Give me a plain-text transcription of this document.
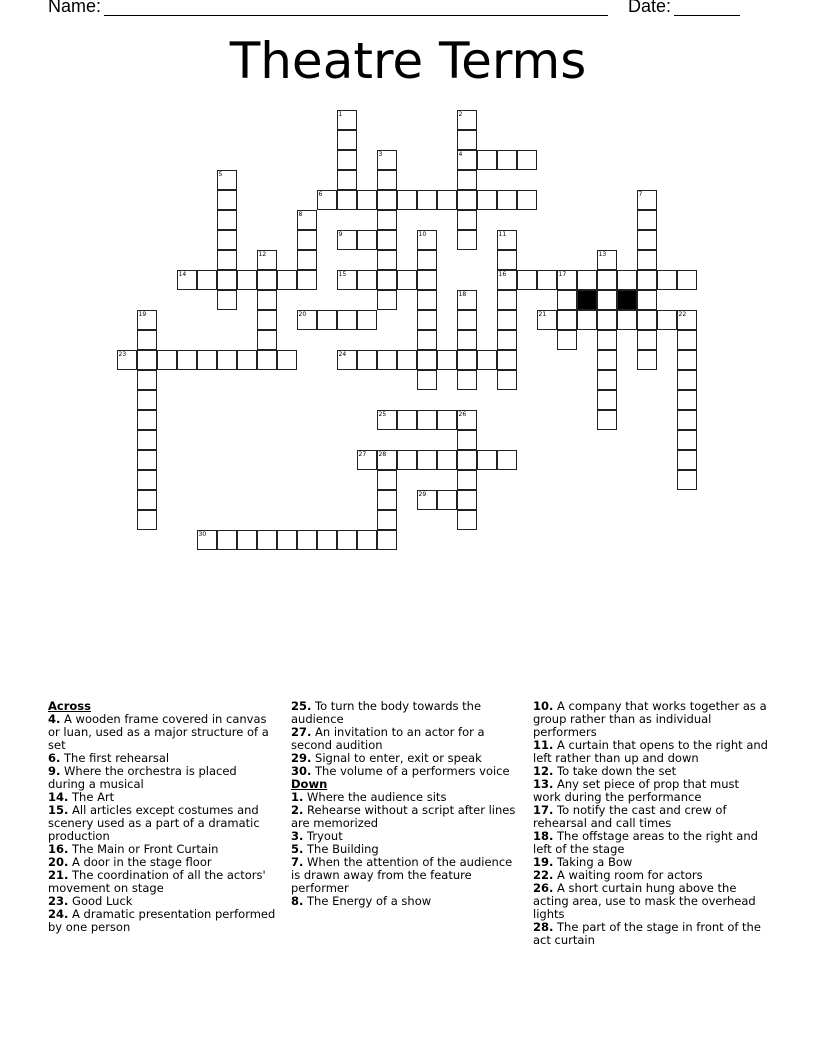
Name:	Date:
Theatre Terms
4
6
9
14	15	16	17
20	21	22
23	24
25	26
27 28
29
30
1	2
3
5
7
8
10	11
12	13
18
19
Across
4. A wooden frame covered in canvas or luan, used as a major structure of a set
6. The first rehearsal
9. Where the orchestra is placed during a musical
14. The Art
15. All articles except costumes and scenery used as a part of a dramatic production
16. The Main or Front Curtain
20. A door in the stage floor
21. The coordination of all the actors' movement on stage
23. Good Luck
24. A dramatic presentation performed by one person
25. To turn the body towards the audience
27. An invitation to an actor for a second audition
29. Signal to enter, exit or speak
30. The volume of a performers voice
Down
1. Where the audience sits
2. Rehearse without a script after lines are memorized
3. Tryout
5. The Building
7. When the attention of the audience is drawn away from the feature performer
8. The Energy of a show
10. A company that works together as a group rather than as individual performers
11. A curtain that opens to the right and left rather than up and down
12. To take down the set
13. Any set piece of prop that must work during the performance
17. To notify the cast and crew of rehearsal and call times
18. The offstage areas to the right and left of the stage
19. Taking a Bow
22. A waiting room for actors
26. A short curtain hung above the acting area, use to mask the overhead lights
28. The part of the stage in front of the act curtain
